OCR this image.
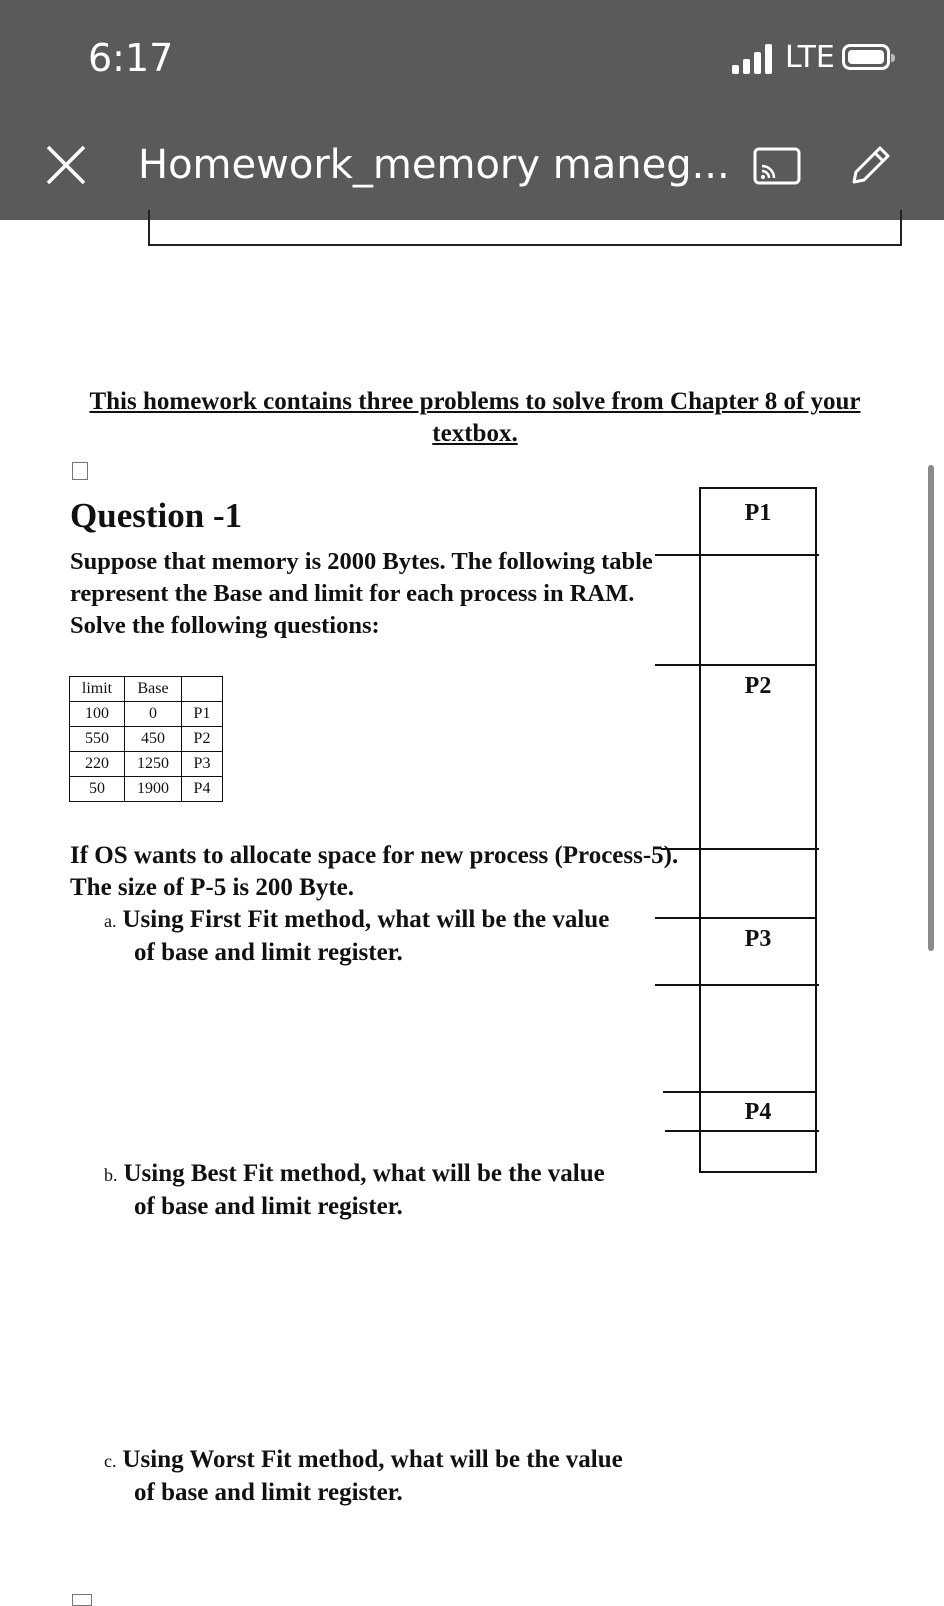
6:17	LTE
Homework_memory maneg...
This homework contains three problems to solve from Chapter 8 of your textbox.
Question -1
Suppose that memory is 2000 Bytes. The following table represent the Base and limit for each process in RAM. Solve the following questions:
limit	Base	
100	0	P1
550	450	P2
220	1250	P3
50	1900	P4
If OS wants to allocate space for new process (Process-5). The size of P-5 is 200 Byte.
a. Using First Fit method, what will be the value
of base and limit register.
b. Using Best Fit method, what will be the value
of base and limit register.
c. Using Worst Fit method, what will be the value
of base and limit register.
P1
P2
P3
P4
